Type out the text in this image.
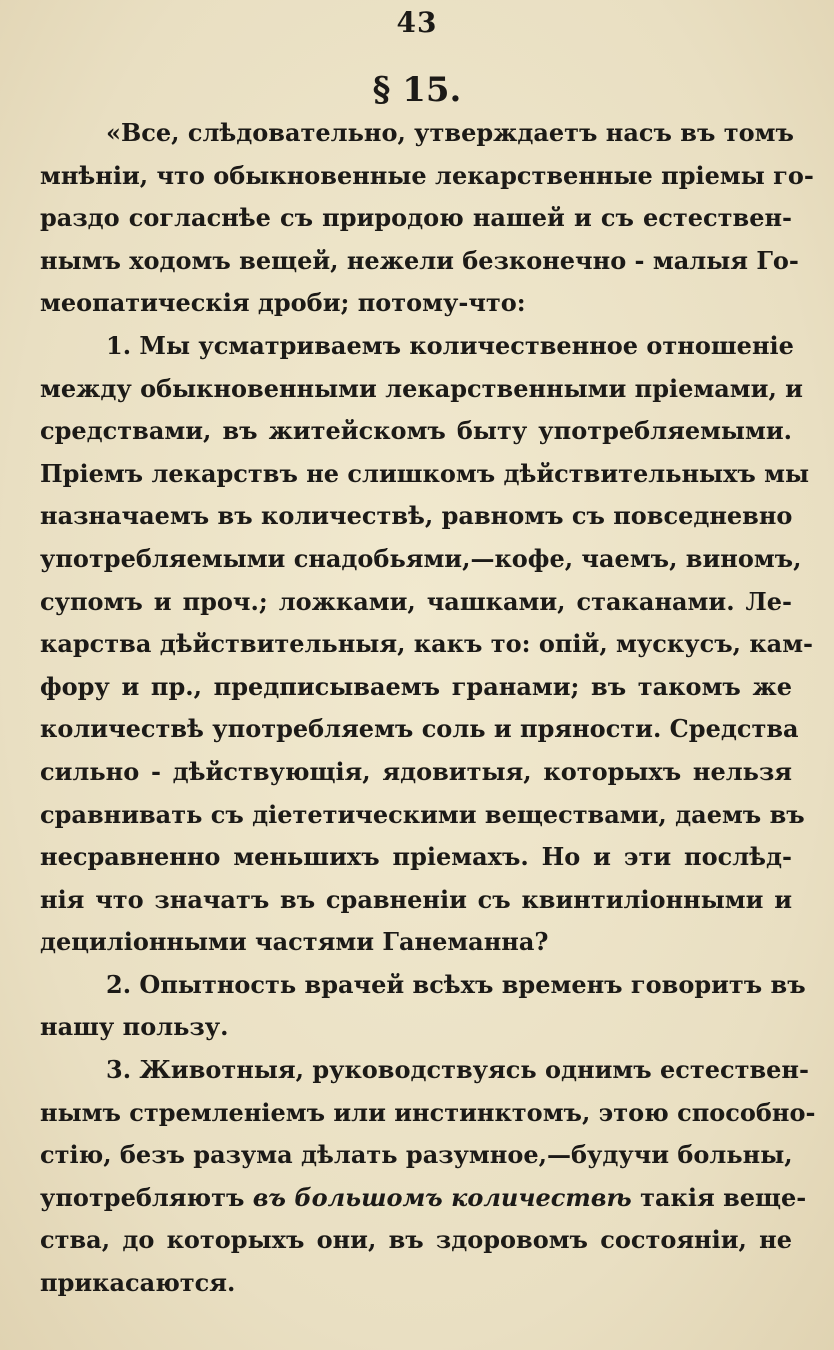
43
§ 15.
«Все, слѣдовательно, утверждаетъ насъ въ томъ
мнѣніи, что обыкновенные лекарственные пріемы го-
раздо согласнѣе съ природою нашей и съ естествен-
нымъ ходомъ вещей, нежели безконечно - малыя Го-
меопатическія дроби; потому-что:
1. Мы усматриваемъ количественное отношеніе
между обыкновенными лекарственными пріемами, и
средствами, въ житейскомъ быту употребляемыми.
Пріемъ лекарствъ не слишкомъ дѣйствительныхъ мы
назначаемъ въ количествѣ, равномъ съ повседневно
употребляемыми снадобьями,—кофе, чаемъ, виномъ,
супомъ и проч.; ложками, чашками, стаканами. Ле-
карства дѣйствительныя, какъ то: опій, мускусъ, кам-
фору и пр., предписываемъ гранами; въ такомъ же
количествѣ употребляемъ соль и пряности. Средства
сильно - дѣйствующія, ядовитыя, которыхъ нельзя
сравнивать съ діететическими веществами, даемъ въ
несравненно меньшихъ пріемахъ. Но и эти послѣд-
нія что значатъ въ сравненіи съ квинтиліонными и
дециліонными частями Ганеманна?
2. Опытность врачей всѣхъ временъ говоритъ въ
нашу пользу.
3. Животныя, руководствуясь однимъ естествен-
нымъ стремленіемъ или инстинктомъ, этою способно-
стію, безъ разума дѣлать разумное,—будучи больны,
употребляютъ въ большомъ количествѣ такія веще-
ства, до которыхъ они, въ здоровомъ состояніи, не
прикасаются.
